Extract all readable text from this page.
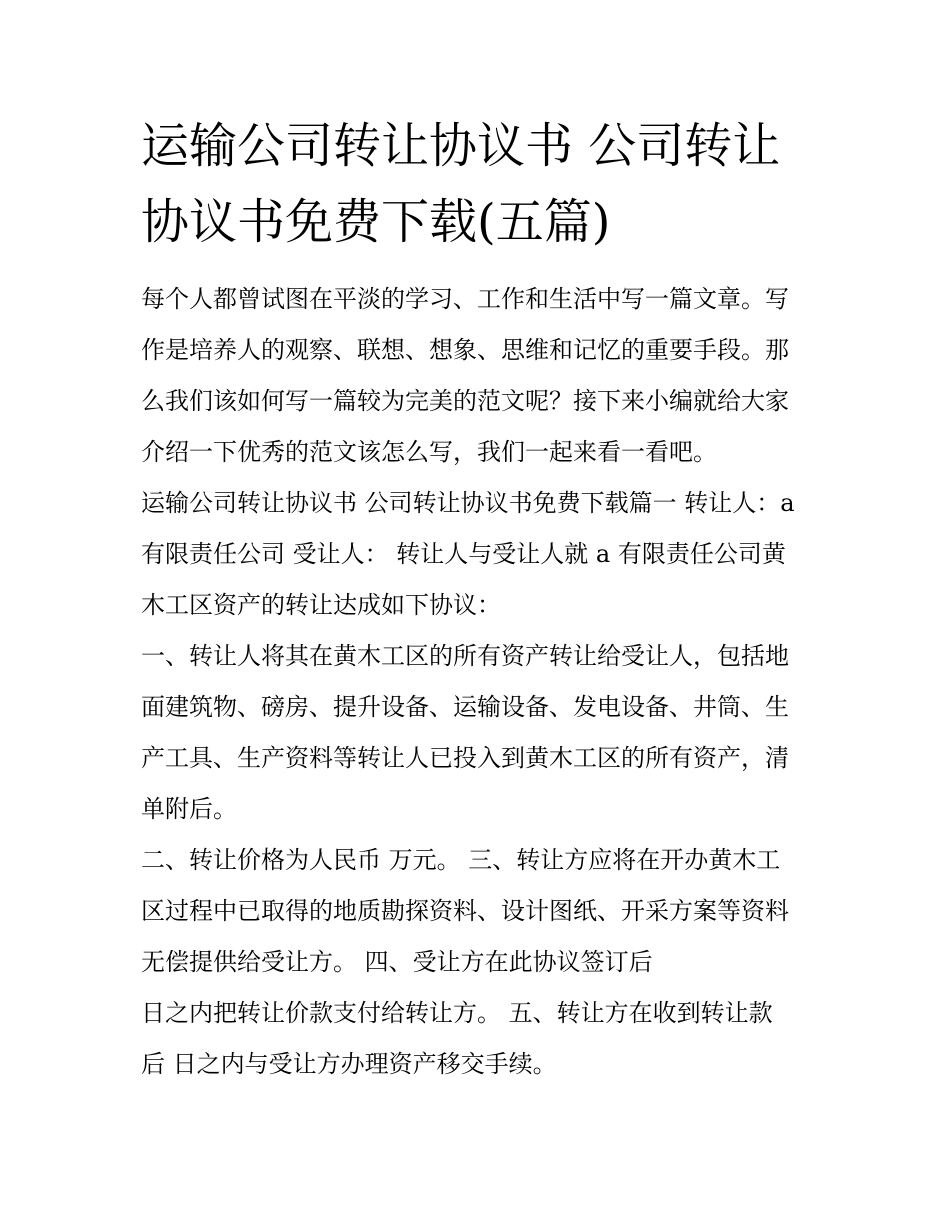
运输公司转让协议书 公司转让
协议书免费下载(五篇)
每个人都曾试图在平淡的学习、工作和生活中写一篇文章。写
作是培养人的观察、联想、想象、思维和记忆的重要手段。那
么我们该如何写一篇较为完美的范文呢？接下来小编就给大家
介绍一下优秀的范文该怎么写，我们一起来看一看吧。
运输公司转让协议书 公司转让协议书免费下载篇一 转让人：a
有限责任公司 受让人： 转让人与受让人就 a 有限责任公司黄
木工区资产的转让达成如下协议：
一、转让人将其在黄木工区的所有资产转让给受让人，包括地
面建筑物、磅房、提升设备、运输设备、发电设备、井筒、生
产工具、生产资料等转让人已投入到黄木工区的所有资产，清
单附后。
二、转让价格为人民币 万元。 三、转让方应将在开办黄木工
区过程中已取得的地质勘探资料、设计图纸、开采方案等资料
无偿提供给受让方。 四、受让方在此协议签订后
日之内把转让价款支付给转让方。 五、转让方在收到转让款
后 日之内与受让方办理资产移交手续。
